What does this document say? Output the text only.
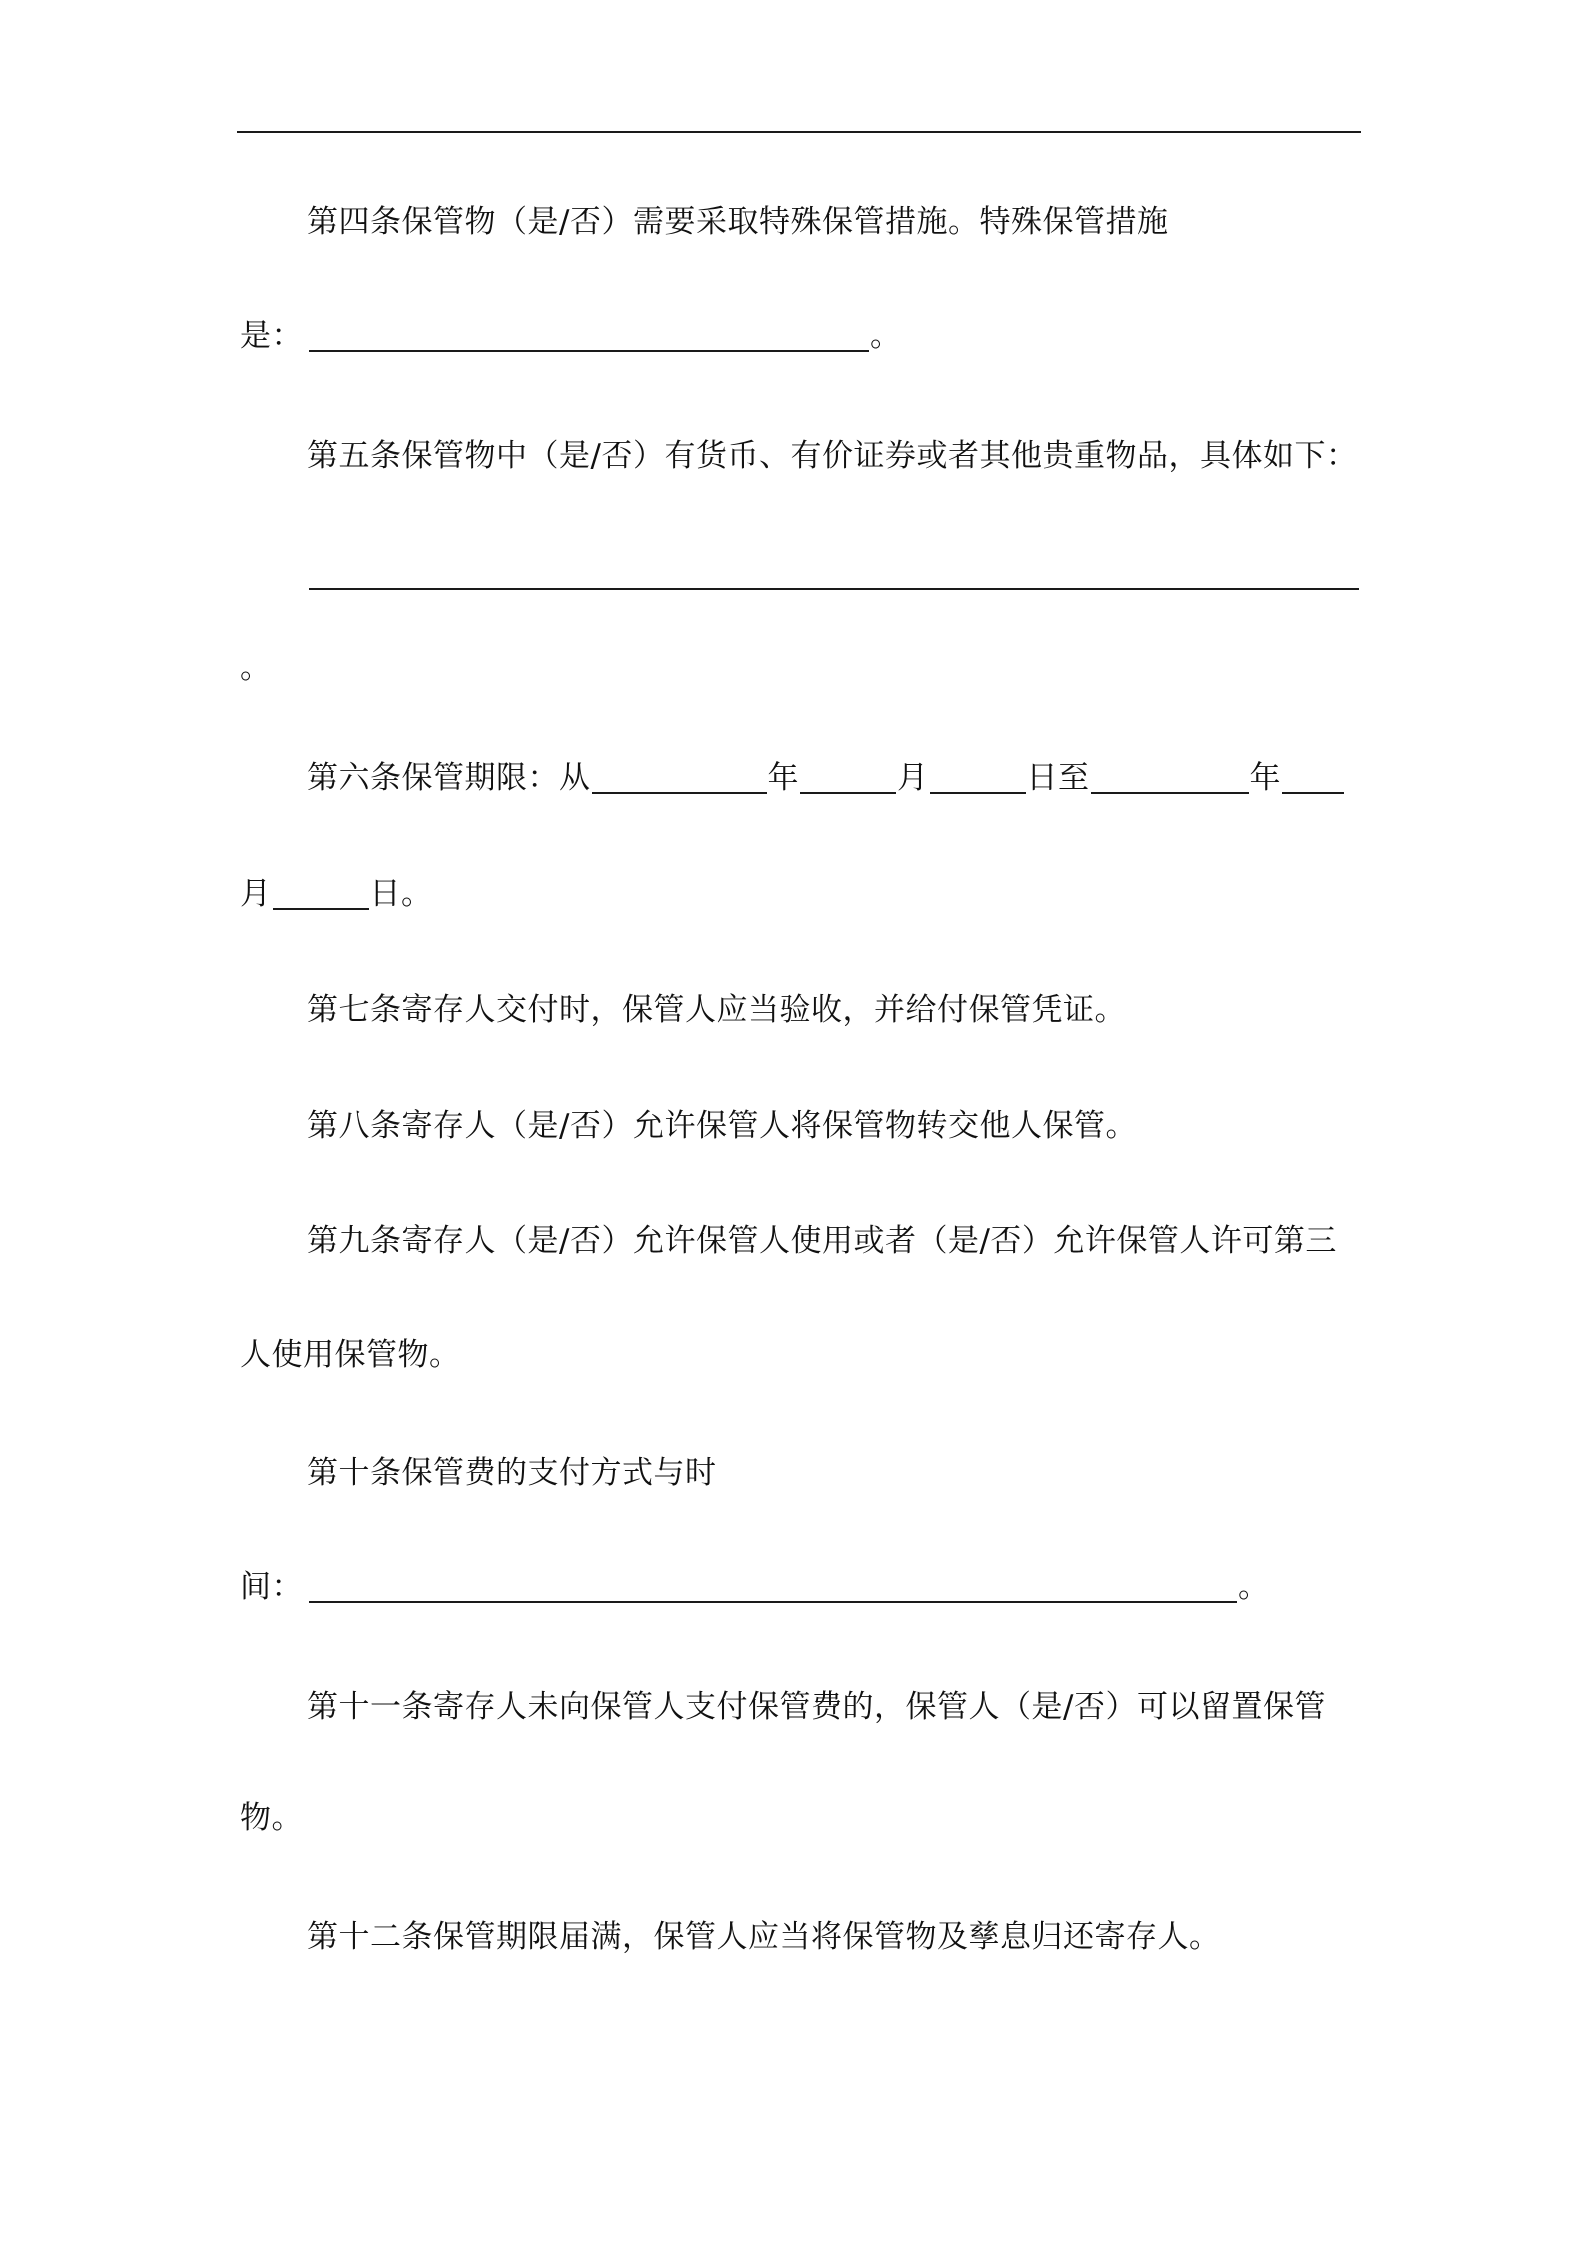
第四条保管物（是/否）需要采取特殊保管措施。特殊保管措施
是：	。
第五条保管物中（是/否）有货币、有价证券或者其他贵重物品，具体如下：
。
第六条保管期限：从	年	月	日至	年
月	日。
第七条寄存人交付时，保管人应当验收，并给付保管凭证。
第八条寄存人（是/否）允许保管人将保管物转交他人保管。
第九条寄存人（是/否）允许保管人使用或者（是/否）允许保管人许可第三
人使用保管物。
第十条保管费的支付方式与时
间：	。
第十一条寄存人未向保管人支付保管费的，保管人（是/否）可以留置保管
物。
第十二条保管期限届满，保管人应当将保管物及孳息归还寄存人。
